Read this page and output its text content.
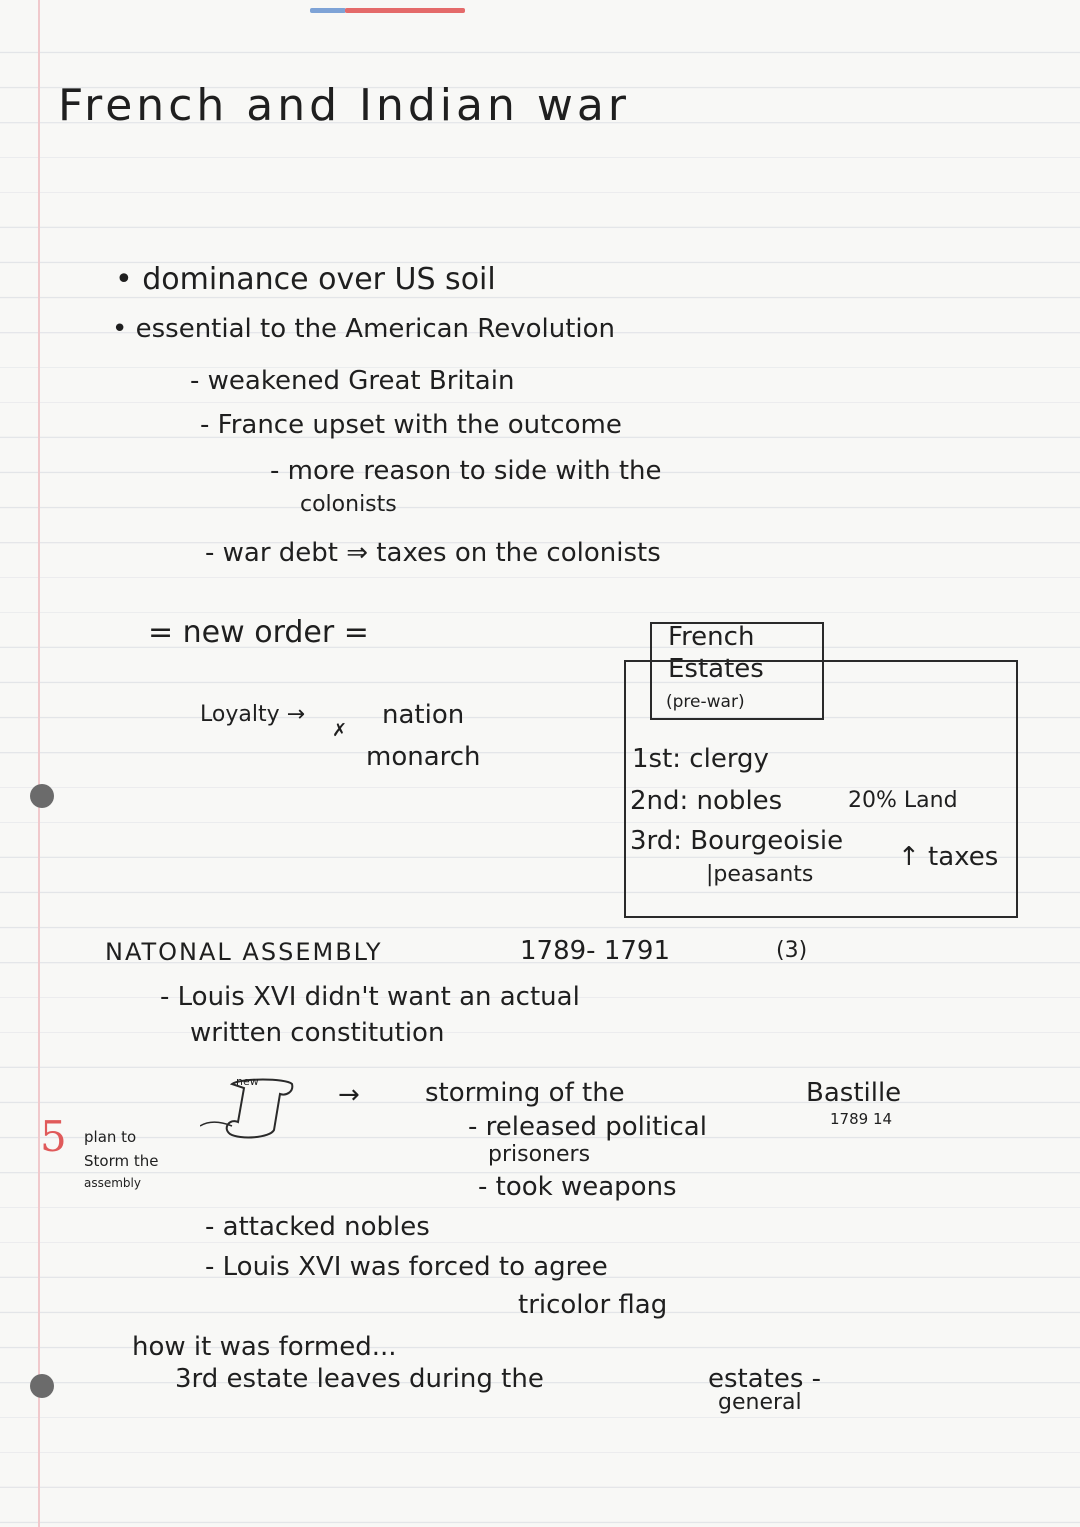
French and Indian war
• dominance over US soil
• essential to the American Revolution
- weakened Great Britain
- France upset with the outcome
- more reason to side with the
colonists
- war debt ⇒ taxes on the colonists
= new order =
Loyalty →	nation
✗
monarch
French
Estates
(pre-war)
1st: clergy
2nd: nobles	20% Land
3rd: Bourgeoisie
|peasants
↑ taxes
NATONAL ASSEMBLY	1789- 1791	(3)
- Louis XVI didn't want an actual
written constitution
5 plan to
Storm the
assembly
new	→	storming of the	Bastille
1789 14
- released political
prisoners
- took weapons
- attacked nobles
- Louis XVI was forced to agree
tricolor flag
how it was formed...
3rd estate leaves during the	estates -
general
